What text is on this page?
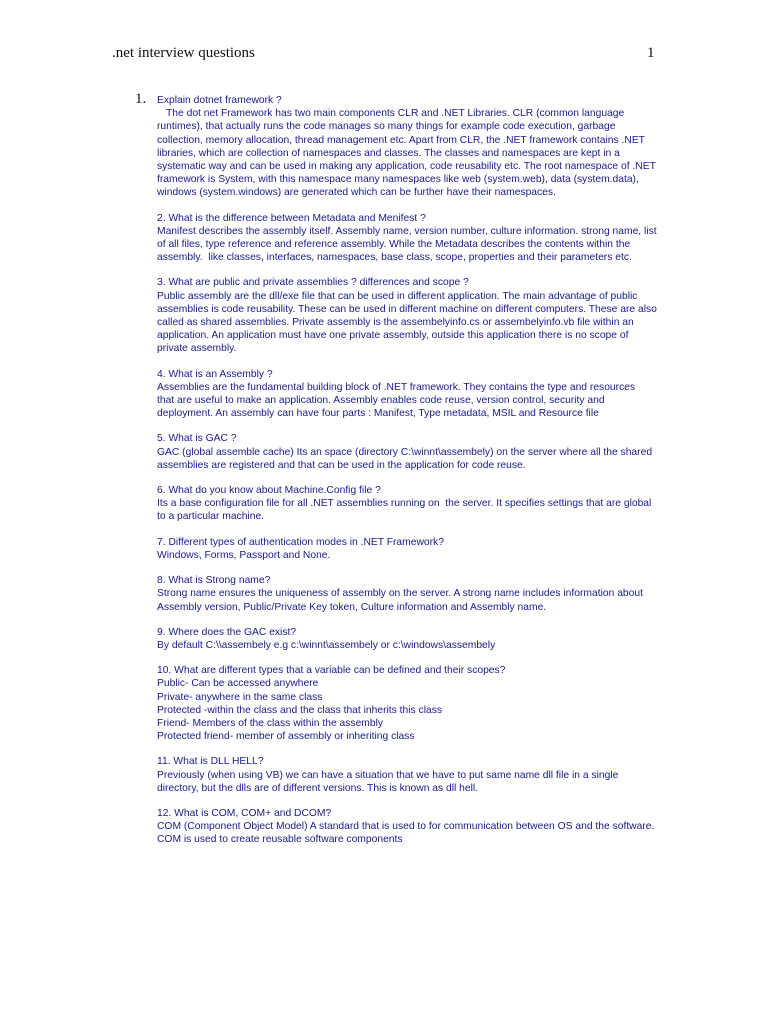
.net interview questions	1
1. Explain dotnet framework ?

The dot net Framework has two main components CLR and .NET Libraries. CLR (common language runtimes), that actually runs the code manages so many things for example code execution, garbage collection, memory allocation, thread management etc. Apart from CLR, the .NET framework contains .NET libraries, which are collection of namespaces and classes. The classes and namespaces are kept in a systematic way and can be used in making any application, code reusability etc. The root namespace of .NET framework is System, with this namespace many namespaces like web (system.web), data (system.data), windows (system.windows) are generated which can be further have their namespaces.

2. What is the difference between Metadata and Menifest ?

Manifest describes the assembly itself. Assembly name, version number, culture information. strong name, list of all files, type reference and reference assembly. While the Metadata describes the contents within the assembly.  like classes, interfaces, namespaces, base class, scope, properties and their parameters etc.

3. What are public and private assemblies ? differences and scope ?

Public assembly are the dll/exe file that can be used in different application. The main advantage of public assemblies is code reusability. These can be used in different machine on different computers. These are also called as shared assemblies. Private assembly is the assembelyinfo.cs or assembelyinfo.vb file within an application. An application must have one private assembly, outside this application there is no scope of private assembly.

4. What is an Assembly ?

Assemblies are the fundamental building block of .NET framework. They contains the type and resources  that are useful to make an application. Assembly enables code reuse, version control, security and deployment. An assembly can have four parts : Manifest, Type metadata, MSIL and Resource file

5. What is GAC ?

GAC (global assemble cache) Its an space (directory C:\winnt\assembely) on the server where all the shared assemblies are registered and that can be used in the application for code reuse.

6. What do you know about Machine.Config file ?

Its a base configuration file for all .NET assemblies running on  the server. It specifies settings that are global to a particular machine.

7. Different types of authentication modes in .NET Framework?

Windows, Forms, Passport and None.

8. What is Strong name?

Strong name ensures the uniqueness of assembly on the server. A strong name includes information about Assembly version, Public/Private Key token, Culture information and Assembly name.

9. Where does the GAC exist?

By default C:\\assembely e.g c:\winnt\assembely or c:\windows\assembely

10. What are different types that a variable can be defined and their scopes?

Public- Can be accessed anywhere
Private- anywhere in the same class
Protected -within the class and the class that inherits this class
Friend- Members of the class within the assembly
Protected friend- member of assembly or inheriting class

11. What is DLL HELL?

Previously (when using VB) we can have a situation that we have to put same name dll file in a single directory, but the dlls are of different versions. This is known as dll hell.

12. What is COM, COM+ and DCOM?

COM (Component Object Model) A standard that is used to for communication between OS and the software. COM is used to create reusable software components
